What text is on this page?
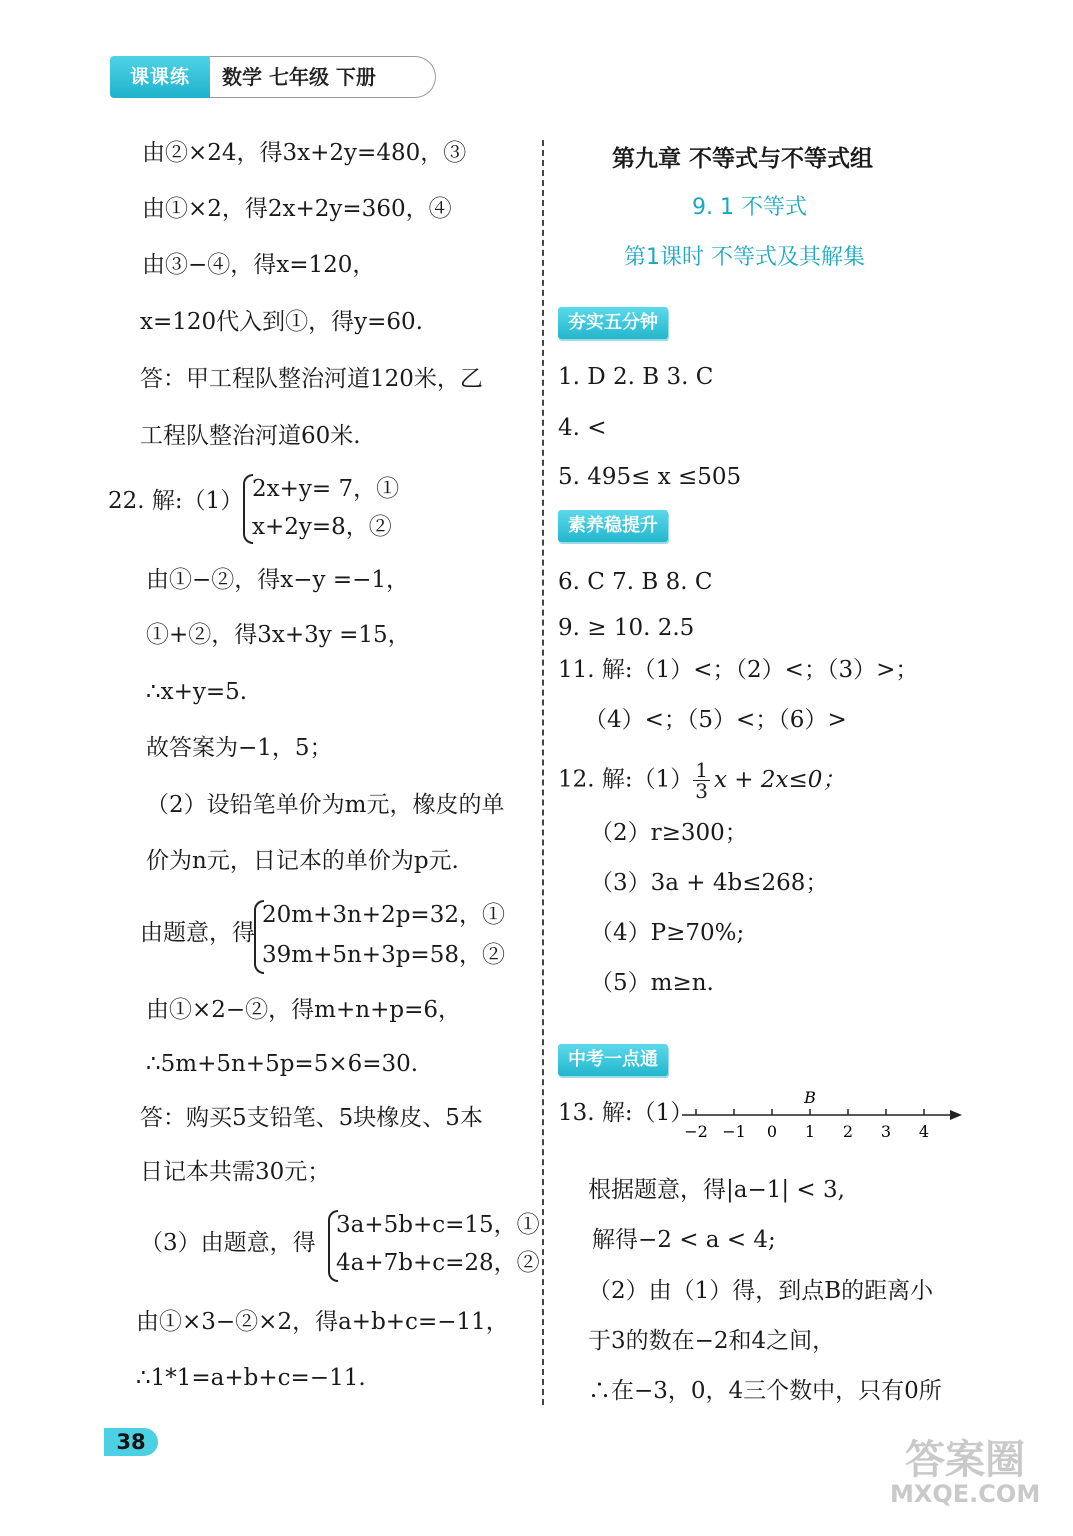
课课练	数学 七年级 下册
由②×24，得3x+2y=480，③
由①×2，得2x+2y=360，④
由③−④，得x=120，
x=120代入到①，得y=60.
答：甲工程队整治河道120米，乙
工程队整治河道60米.
22. 解:（1） 2x+y= 7，①
x+2y=8，②
由①−②，得x−y =−1，
①+②，得3x+3y =15，
∴x+y=5.
故答案为−1，5；
（2）设铅笔单价为m元，橡皮的单
价为n元，日记本的单价为p元.
由题意，得
20m+3n+2p=32，①
39m+5n+3p=58，②
由①×2−②，得m+n+p=6，
∴5m+5n+5p=5×6=30.
答：购买5支铅笔、5块橡皮、5本
日记本共需30元；
（3）由题意，得
3a+5b+c=15，①
4a+7b+c=28，②
由①×3−②×2，得a+b+c=−11，
∴1*1=a+b+c=−11.
第九章 不等式与不等式组
9. 1 不等式
第1课时 不等式及其解集
夯实五分钟
1. D 2. B 3. C
4. <
5. 495≤ x ≤505
素养稳提升
6. C 7. B 8. C
9. ≥ 10. 2.5
11. 解:（1）<；（2）<；（3）>；
（4）<；（5）<；（6）>
12. 解:（1） $\frac{1}{3}$ x + 2x≤0；
（2）r≥300；
（3）3a + 4b≤268；
（4）P≥70%;
（5）m≥n.
中考一点通
13. 解:（1）
−2 −1 0 1 2 3 4
B
根据题意，得|a−1| < 3,
解得−2 < a < 4;
（2）由（1）得，到点B的距离小
于3的数在−2和4之间，
∴在−3，0，4三个数中，只有0所
38	答案圈
MXQE.COM
